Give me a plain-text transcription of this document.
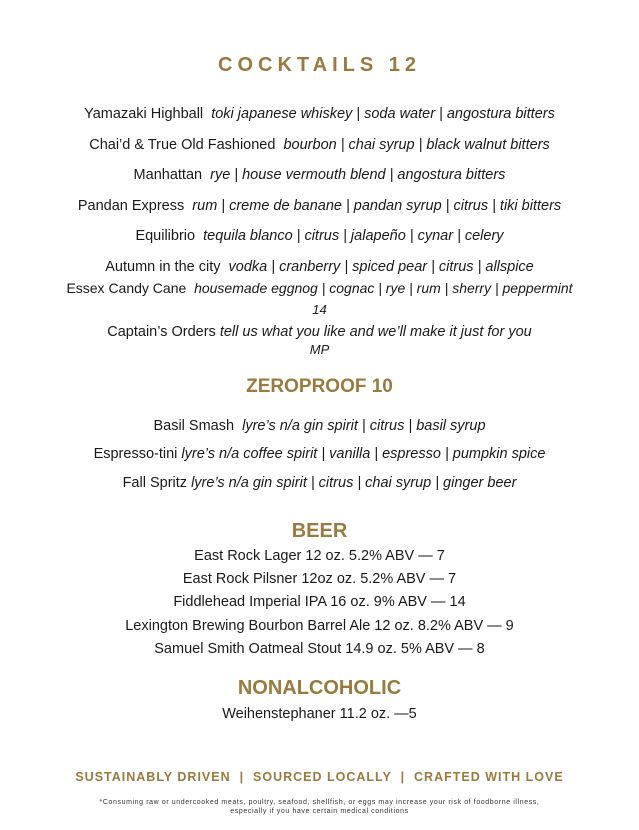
COCKTAILS 12
Yamazaki Highball toki japanese whiskey | soda water | angostura bitters
Chai’d & True Old Fashioned bourbon | chai syrup | black walnut bitters
Manhattan rye | house vermouth blend | angostura bitters
Pandan Express rum | creme de banane | pandan syrup | citrus | tiki bitters
Equilibrio tequila blanco | citrus | jalapeño | cynar | celery
Autumn in the city vodka | cranberry | spiced pear | citrus | allspice
Essex Candy Cane housemade eggnog | cognac | rye | rum | sherry | peppermint
14
Captain’s Orders tell us what you like and we’ll make it just for you
MP
ZEROPROOF 10
Basil Smash lyre’s n/a gin spirit | citrus | basil syrup
Espresso-tini lyre’s n/a coffee spirit | vanilla | espresso | pumpkin spice
Fall Spritz lyre’s n/a gin spirit | citrus | chai syrup | ginger beer
BEER
East Rock Lager 12 oz. 5.2% ABV — 7
East Rock Pilsner 12oz oz. 5.2% ABV — 7
Fiddlehead Imperial IPA 16 oz. 9% ABV — 14
Lexington Brewing Bourbon Barrel Ale 12 oz. 8.2% ABV — 9
Samuel Smith Oatmeal Stout 14.9 oz. 5% ABV — 8
NONALCOHOLIC
Weihenstephaner 11.2 oz. —5
SUSTAINABLY DRIVEN  |  SOURCED LOCALLY  |  CRAFTED WITH LOVE
*Consuming raw or undercooked meats, poultry, seafood, shellfish, or eggs may increase your risk of foodborne illness,
especially if you have certain medical conditions
